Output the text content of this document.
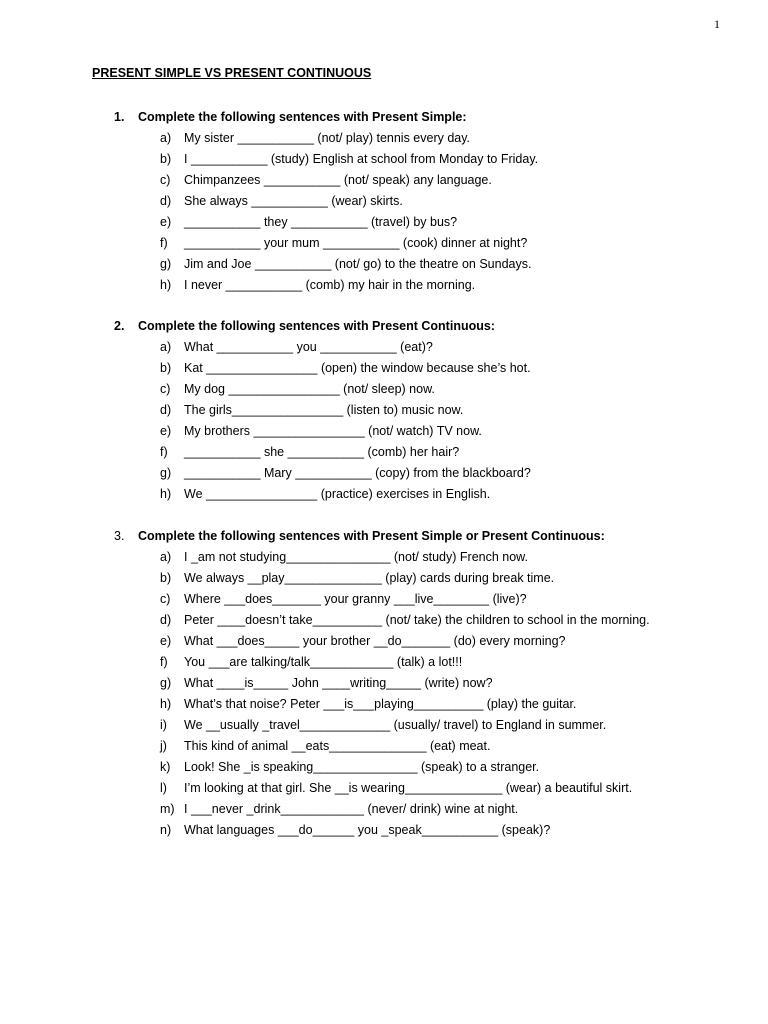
1
PRESENT SIMPLE VS PRESENT CONTINUOUS
1. Complete the following sentences with Present Simple:
a) My sister ___________ (not/ play) tennis every day.
b) I ___________ (study) English at school from Monday to Friday.
c) Chimpanzees ___________ (not/ speak) any language.
d) She always ___________ (wear) skirts.
e) ___________ they ___________ (travel) by bus?
f) ___________ your mum ___________ (cook) dinner at night?
g) Jim and Joe ___________ (not/ go) to the theatre on Sundays.
h) I never ___________ (comb) my hair in the morning.
2. Complete the following sentences with Present Continuous:
a) What ___________ you ___________ (eat)?
b) Kat ________________ (open) the window because she’s hot.
c) My dog ________________ (not/ sleep) now.
d) The girls________________ (listen to) music now.
e) My brothers ________________ (not/ watch) TV now.
f) ___________ she ___________ (comb) her hair?
g) ___________ Mary ___________ (copy) from the blackboard?
h) We ________________ (practice) exercises in English.
3. Complete the following sentences with Present Simple or Present Continuous:
a) I _am not studying_______________ (not/ study) French now.
b) We always __play______________ (play) cards during break time.
c) Where ___does_______ your granny ___live________ (live)?
d) Peter ____doesn’t take__________ (not/ take) the children to school in the morning.
e) What ___does_____ your brother __do_______ (do) every morning?
f) You ___are talking/talk____________ (talk) a lot!!!
g) What ____is_____ John ____writing_____ (write) now?
h) What’s that noise? Peter ___is___playing__________ (play) the guitar.
i) We __usually _travel_____________ (usually/ travel) to England in summer.
j) This kind of animal __eats______________ (eat) meat.
k) Look! She _is speaking_______________ (speak) to a stranger.
l) I’m looking at that girl. She __is wearing______________ (wear) a beautiful skirt.
m) I ___never _drink____________ (never/ drink) wine at night.
n) What languages ___do______ you _speak___________ (speak)?
